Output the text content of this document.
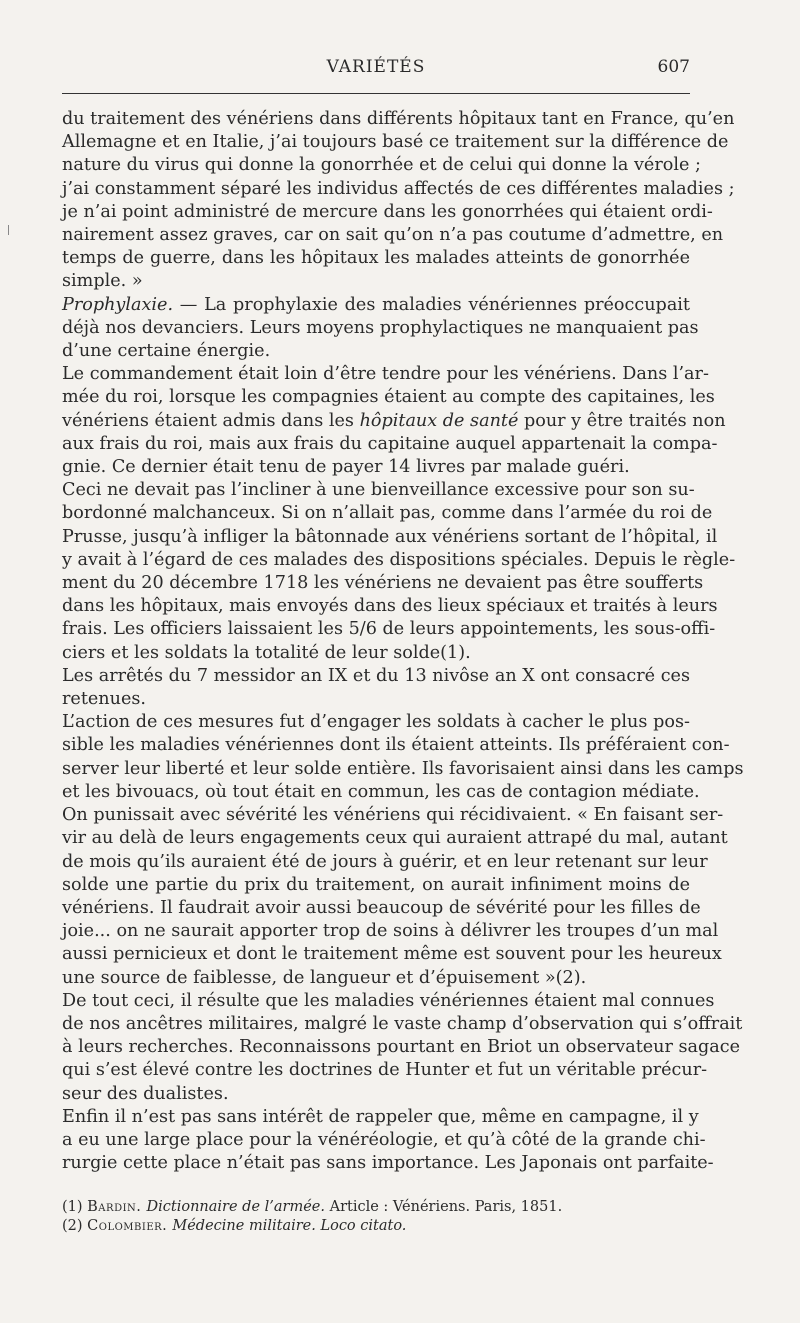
VARIÉTÉS	607
du traitement des vénériens dans différents hôpitaux tant en France, qu’en
Allemagne et en Italie, j’ai toujours basé ce traitement sur la différence de
nature du virus qui donne la gonorrhée et de celui qui donne la vérole ;
j’ai constamment séparé les individus affectés de ces différentes maladies ;
je n’ai point administré de mercure dans les gonorrhées qui étaient ordi-
nairement assez graves, car on sait qu’on n’a pas coutume d’admettre, en
temps de guerre, dans les hôpitaux les malades atteints de gonorrhée
simple. »
Prophylaxie. — La prophylaxie des maladies vénériennes préoccupait
déjà nos devanciers. Leurs moyens prophylactiques ne manquaient pas
d’une certaine énergie.
Le commandement était loin d’être tendre pour les vénériens. Dans l’ar-
mée du roi, lorsque les compagnies étaient au compte des capitaines, les
vénériens étaient admis dans les hôpitaux de santé pour y être traités non
aux frais du roi, mais aux frais du capitaine auquel appartenait la compa-
gnie. Ce dernier était tenu de payer 14 livres par malade guéri.
Ceci ne devait pas l’incliner à une bienveillance excessive pour son su-
bordonné malchanceux. Si on n’allait pas, comme dans l’armée du roi de
Prusse, jusqu’à infliger la bâtonnade aux vénériens sortant de l’hôpital, il
y avait à l’égard de ces malades des dispositions spéciales. Depuis le règle-
ment du 20 décembre 1718 les vénériens ne devaient pas être soufferts
dans les hôpitaux, mais envoyés dans des lieux spéciaux et traités à leurs
frais. Les officiers laissaient les 5/6 de leurs appointements, les sous-offi-
ciers et les soldats la totalité de leur solde(1).
Les arrêtés du 7 messidor an IX et du 13 nivôse an X ont consacré ces
retenues.
L’action de ces mesures fut d’engager les soldats à cacher le plus pos-
sible les maladies vénériennes dont ils étaient atteints. Ils préféraient con-
server leur liberté et leur solde entière. Ils favorisaient ainsi dans les camps
et les bivouacs, où tout était en commun, les cas de contagion médiate.
On punissait avec sévérité les vénériens qui récidivaient. « En faisant ser-
vir au delà de leurs engagements ceux qui auraient attrapé du mal, autant
de mois qu’ils auraient été de jours à guérir, et en leur retenant sur leur
solde une partie du prix du traitement, on aurait infiniment moins de
vénériens. Il faudrait avoir aussi beaucoup de sévérité pour les filles de
joie... on ne saurait apporter trop de soins à délivrer les troupes d’un mal
aussi pernicieux et dont le traitement même est souvent pour les heureux
une source de faiblesse, de langueur et d’épuisement »(2).
De tout ceci, il résulte que les maladies vénériennes étaient mal connues
de nos ancêtres militaires, malgré le vaste champ d’observation qui s’offrait
à leurs recherches. Reconnaissons pourtant en Briot un observateur sagace
qui s’est élevé contre les doctrines de Hunter et fut un véritable précur-
seur des dualistes.
Enfin il n’est pas sans intérêt de rappeler que, même en campagne, il y
a eu une large place pour la vénéréologie, et qu’à côté de la grande chi-
rurgie cette place n’était pas sans importance. Les Japonais ont parfaite-

(1) Bardin. Dictionnaire de l’armée. Article : Vénériens. Paris, 1851.

(2) Colombier. Médecine militaire. Loco citato.
